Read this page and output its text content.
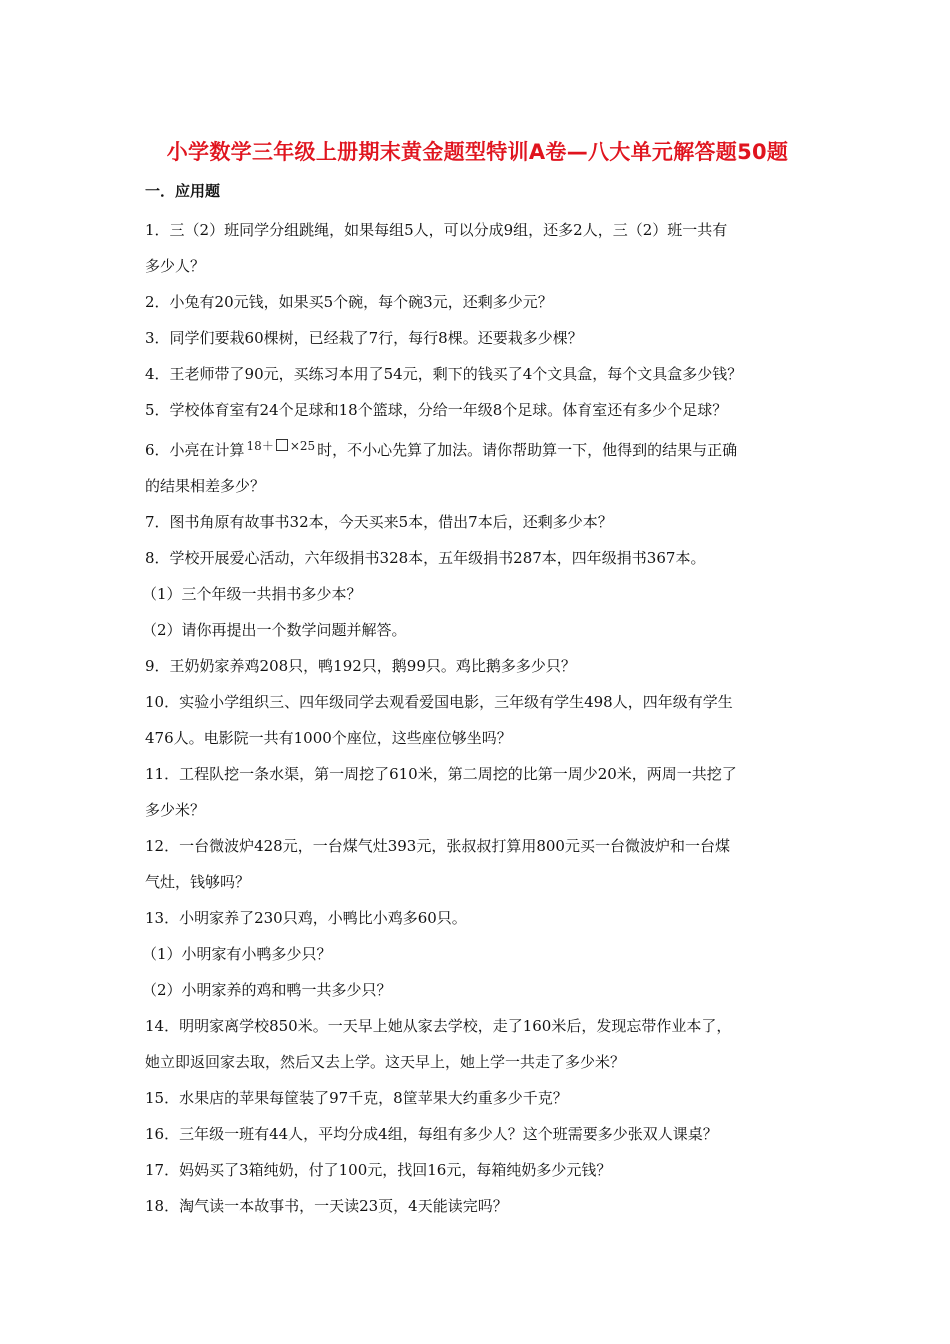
小学数学三年级上册期末黄金题型特训A卷—八大单元解答题50题
一．应用题
1．三（2）班同学分组跳绳，如果每组5人，可以分成9组，还多2人，三（2）班一共有
多少人？
2．小兔有20元钱，如果买5个碗，每个碗3元，还剩多少元？
3．同学们要栽60棵树，已经栽了7行，每行8棵。还要栽多少棵？
4．王老师带了90元，买练习本用了54元，剩下的钱买了4个文具盒，每个文具盒多少钱？
5．学校体育室有24个足球和18个篮球，分给一年级8个足球。体育室还有多少个足球？
6．小亮在计算 18＋ ×25 时，不小心先算了加法。请你帮助算一下，他得到的结果与正确
的结果相差多少？
7．图书角原有故事书32本，今天买来5本，借出7本后，还剩多少本？
8．学校开展爱心活动，六年级捐书328本，五年级捐书287本，四年级捐书367本。
（1）三个年级一共捐书多少本？
（2）请你再提出一个数学问题并解答。
9．王奶奶家养鸡208只，鸭192只，鹅99只。鸡比鹅多多少只？
10．实验小学组织三、四年级同学去观看爱国电影，三年级有学生498人，四年级有学生
476人。电影院一共有1000个座位，这些座位够坐吗？
11．工程队挖一条水渠，第一周挖了610米，第二周挖的比第一周少20米，两周一共挖了
多少米？
12．一台微波炉428元，一台煤气灶393元，张叔叔打算用800元买一台微波炉和一台煤
气灶，钱够吗？
13．小明家养了230只鸡，小鸭比小鸡多60只。
（1）小明家有小鸭多少只？
（2）小明家养的鸡和鸭一共多少只？
14．明明家离学校850米。一天早上她从家去学校，走了160米后，发现忘带作业本了，
她立即返回家去取，然后又去上学。这天早上，她上学一共走了多少米？
15．水果店的苹果每筐装了97千克，8筐苹果大约重多少千克？
16．三年级一班有44人，平均分成4组，每组有多少人？这个班需要多少张双人课桌？
17．妈妈买了3箱纯奶，付了100元，找回16元，每箱纯奶多少元钱？
18．淘气读一本故事书，一天读23页，4天能读完吗？
